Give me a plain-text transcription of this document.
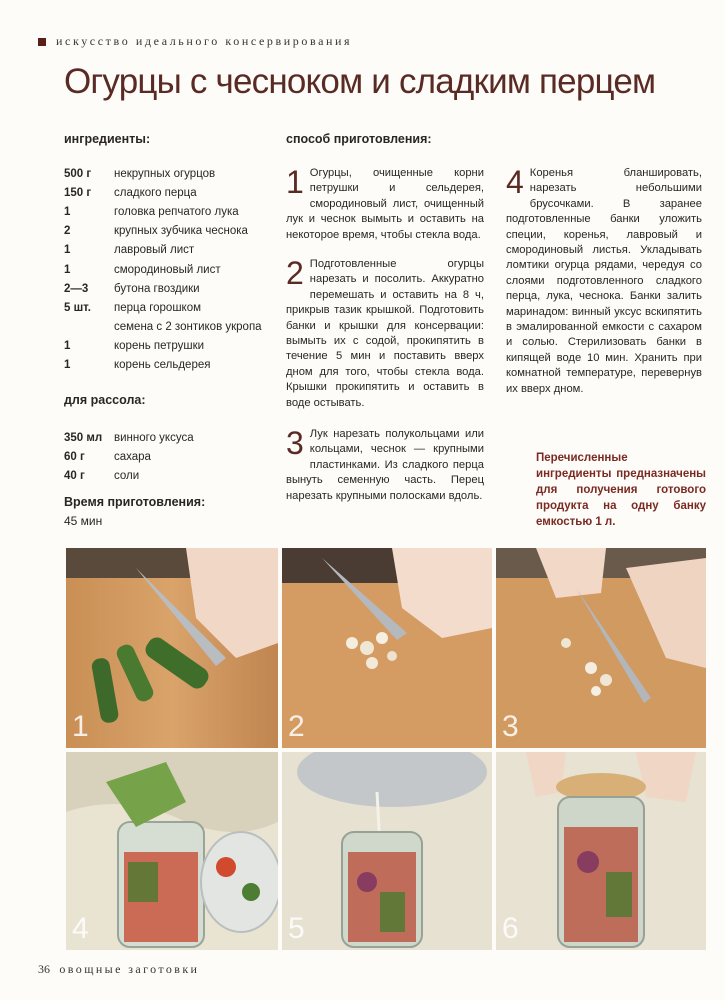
искусство идеального консервирования
Огурцы с чесноком и сладким перцем
ингредиенты:
500 г	некрупных огурцов
150 г	сладкого перца
1	головка репчатого лука
2	крупных зубчика чеснока
1	лавровый лист
1	смородиновый лист
2—3	бутона гвоздики
5 шт.	перца горошком
семена с 2 зонтиков укропа
1	корень петрушки
1	корень сельдерея
для рассола:
350 мл	винного уксуса
60 г	сахара
40 г	соли
Время приготовления:
45 мин
способ приготовления:
1 Огурцы, очищенные корни петрушки и сельдерея, смородиновый лист, очищенный лук и чеснок вымыть и оставить на некоторое время, чтобы стекла вода.
2 Подготовленные огурцы нарезать и посолить. Аккуратно перемешать и оставить на 8 ч, прикрыв тазик крышкой. Подготовить банки и крышки для консервации: вымыть их с содой, прокипятить в течение 5 мин и поставить вверх дном для того, чтобы стекла вода. Крышки прокипятить и оставить в воде остывать.
3 Лук нарезать полукольцами или кольцами, чеснок — крупными пластинками. Из сладкого перца вынуть семенную часть. Перец нарезать крупными полосками вдоль.
4 Коренья бланшировать, нарезать небольшими брусочками. В заранее подготовленные банки уложить специи, коренья, лавровый и смородиновый листья. Укладывать ломтики огурца рядами, чередуя со слоями подготовленного сладкого перца, лука, чеснока. Банки залить маринадом: винный уксус вскипятить в эмалированной емкости с сахаром и солью. Стерилизовать банки в кипящей воде 10 мин. Хранить при комнатной температуре, перевернув их вверх дном.
Перечисленные ингредиенты предназначены для получения готового продукта на одну банку емкостью 1 л.
1	2	3
4	5	6
36 овощные заготовки
